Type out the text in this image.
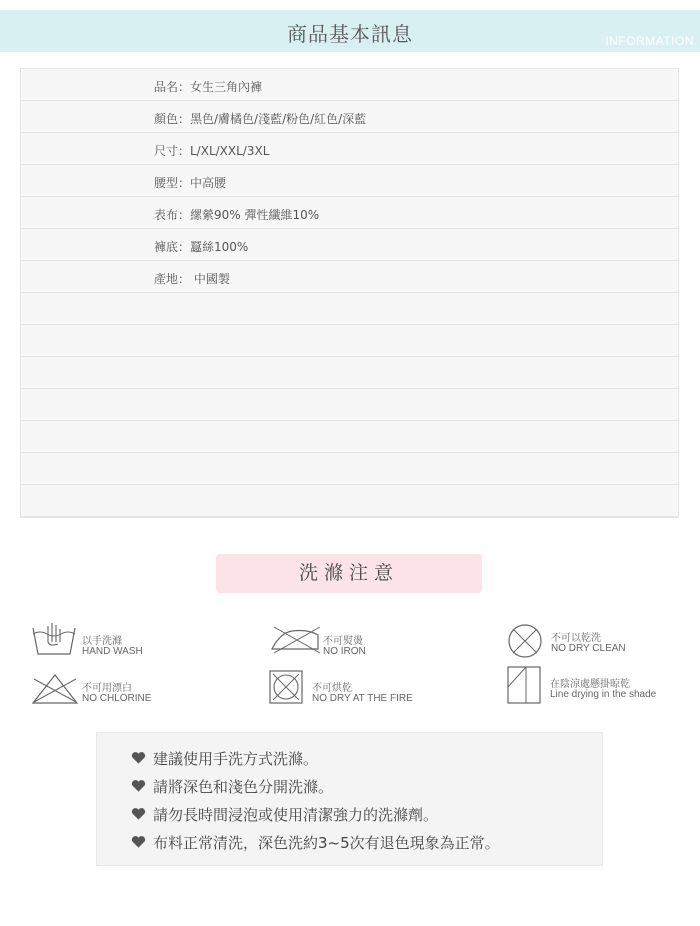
商品基本訊息	INFORMATION
品名：女生三角內褲
顏色：黑色/膚橘色/淺藍/粉色/紅色/深藍
尺寸：L/XL/XXL/3XL
腰型：中高腰
表布：縲縈90% 彈性纖維10%
褲底：蠶絲100%
產地： 中國製
洗滌注意
以手洗滌
HAND WASH
不可熨燙
NO IRON
不可以乾洗
NO DRY CLEAN
不可用漂白
NO CHLORINE
不可烘乾
NO DRY AT THE FIRE
在陰涼處懸掛晾乾
Line drying in the shade
建議使用手洗方式洗滌。
請將深色和淺色分開洗滌。
請勿長時間浸泡或使用清潔強力的洗滌劑。
布料正常清洗，深色洗約3~5次有退色現象為正常。
